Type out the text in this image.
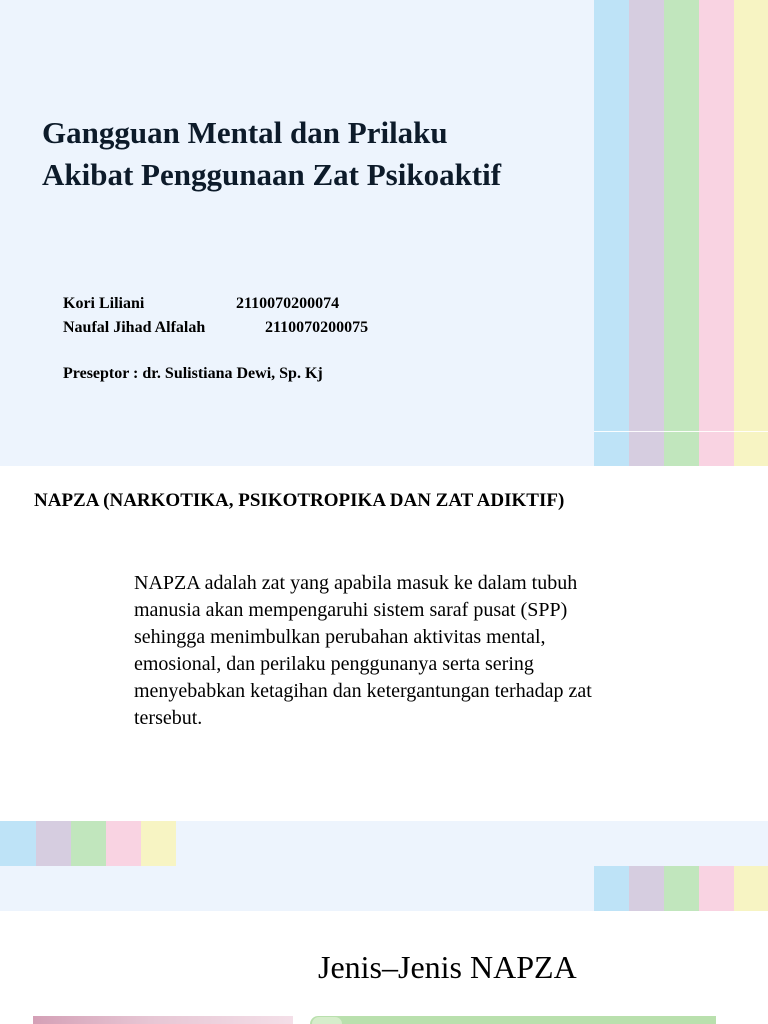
Gangguan Mental dan Prilaku
Akibat Penggunaan Zat Psikoaktif
Kori Liliani	2110070200074
Naufal Jihad Alfalah	2110070200075
Preseptor : dr. Sulistiana Dewi, Sp. Kj
NAPZA (NARKOTIKA, PSIKOTROPIKA DAN ZAT ADIKTIF)

NAPZA adalah zat yang apabila masuk ke dalam tubuh manusia akan mempengaruhi sistem saraf pusat (SPP) sehingga menimbulkan perubahan aktivitas mental, emosional, dan perilaku penggunanya serta sering menyebabkan ketagihan dan ketergantungan terhadap zat tersebut.

Jenis–Jenis NAPZA
